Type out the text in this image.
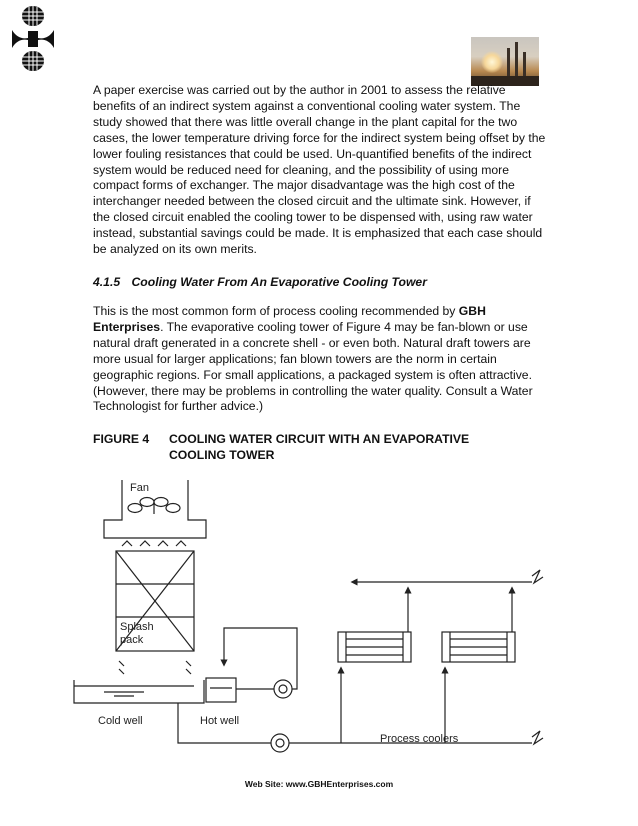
A paper exercise was carried out by the author in 2001 to assess the relative benefits of an indirect system against a conventional cooling water system. The study showed that there was little overall change in the plant capital for the two cases, the lower temperature driving force for the indirect system being offset by the lower fouling resistances that could be used. Un-quantified benefits of the indirect system would be reduced need for cleaning, and the possibility of using more compact forms of exchanger. The major disadvantage was the high cost of the interchanger needed between the closed circuit and the ultimate sink. However, if the closed circuit enabled the cooling tower to be dispensed with, using raw water instead, substantial savings could be made. It is emphasized that each case should be analyzed on its own merits.

4.1.5 Cooling Water From An Evaporative Cooling Tower

This is the most common form of process cooling recommended by GBH Enterprises. The evaporative cooling tower of Figure 4 may be fan-blown or use natural draft generated in a concrete shell - or even both. Natural draft towers are more usual for larger applications; fan blown towers are the norm in certain geographic regions. For small applications, a packaged system is often attractive. (However, there may be problems in controlling the water quality. Consult a Water Technologist for further advice.)

FIGURE 4 COOLING WATER CIRCUIT WITH AN EVAPORATIVE COOLING TOWER
Fan
Splash
pack
Cold well	Hot well
Process coolers
Web Site: www.GBHEnterprises.com
